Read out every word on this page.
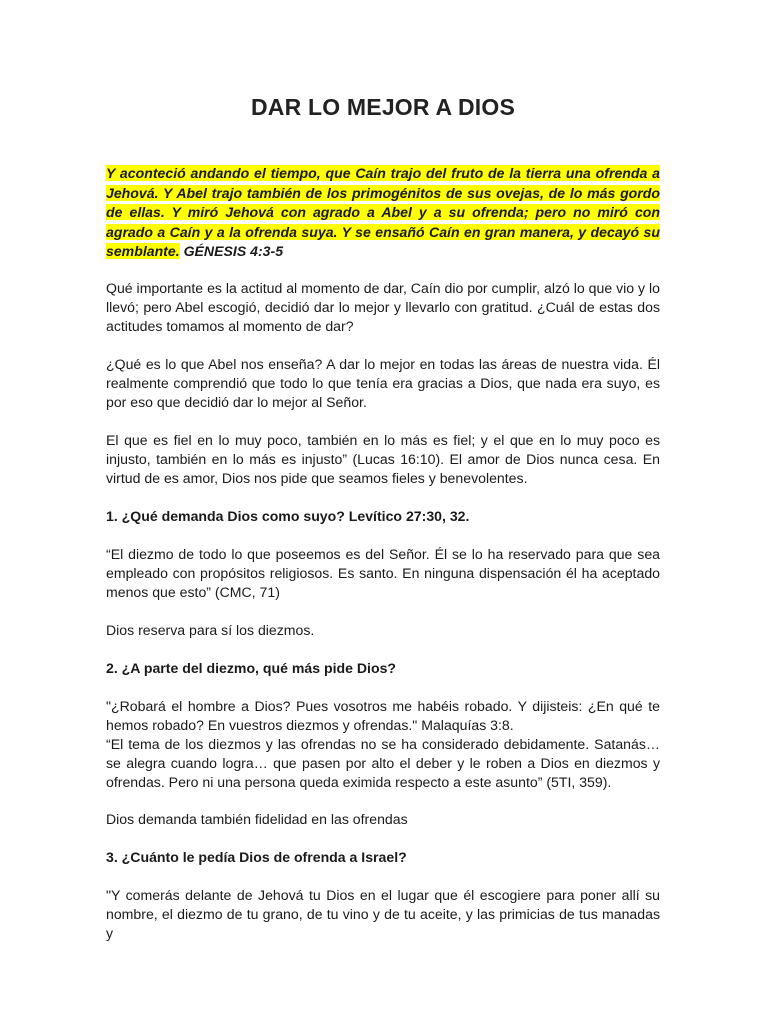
DAR LO MEJOR A DIOS

Y aconteció andando el tiempo, que Caín trajo del fruto de la tierra una ofrenda a Jehová. Y Abel trajo también de los primogénitos de sus ovejas, de lo más gordo de ellas. Y miró Jehová con agrado a Abel y a su ofrenda; pero no miró con agrado a Caín y a la ofrenda suya. Y se ensañó Caín en gran manera, y decayó su semblante. GÉNESIS 4:3-5

Qué importante es la actitud al momento de dar, Caín dio por cumplir, alzó lo que vio y lo llevó; pero Abel escogió, decidió dar lo mejor y llevarlo con gratitud. ¿Cuál de estas dos actitudes tomamos al momento de dar?

¿Qué es lo que Abel nos enseña? A dar lo mejor en todas las áreas de nuestra vida. Él realmente comprendió que todo lo que tenía era gracias a Dios, que nada era suyo, es por eso que decidió dar lo mejor al Señor.

El que es fiel en lo muy poco, también en lo más es fiel; y el que en lo muy poco es injusto, también en lo más es injusto” (Lucas 16:10). El amor de Dios nunca cesa. En virtud de es amor, Dios nos pide que seamos fieles y benevolentes.

1. ¿Qué demanda Dios como suyo? Levítico 27:30, 32.

“El diezmo de todo lo que poseemos es del Señor. Él se lo ha reservado para que sea empleado con propósitos religiosos. Es santo. En ninguna dispensación él ha aceptado menos que esto” (CMC, 71)

Dios reserva para sí los diezmos.

2. ¿A parte del diezmo, qué más pide Dios?

"¿Robará el hombre a Dios? Pues vosotros me habéis robado. Y dijisteis: ¿En qué te hemos robado? En vuestros diezmos y ofrendas." Malaquías 3:8.

“El tema de los diezmos y las ofrendas no se ha considerado debidamente. Satanás… se alegra cuando logra… que pasen por alto el deber y le roben a Dios en diezmos y ofrendas. Pero ni una persona queda eximida respecto a este asunto” (5TI, 359).

Dios demanda también fidelidad en las ofrendas

3. ¿Cuánto le pedía Dios de ofrenda a Israel?

"Y comerás delante de Jehová tu Dios en el lugar que él escogiere para poner allí su nombre, el diezmo de tu grano, de tu vino y de tu aceite, y las primicias de tus manadas y
